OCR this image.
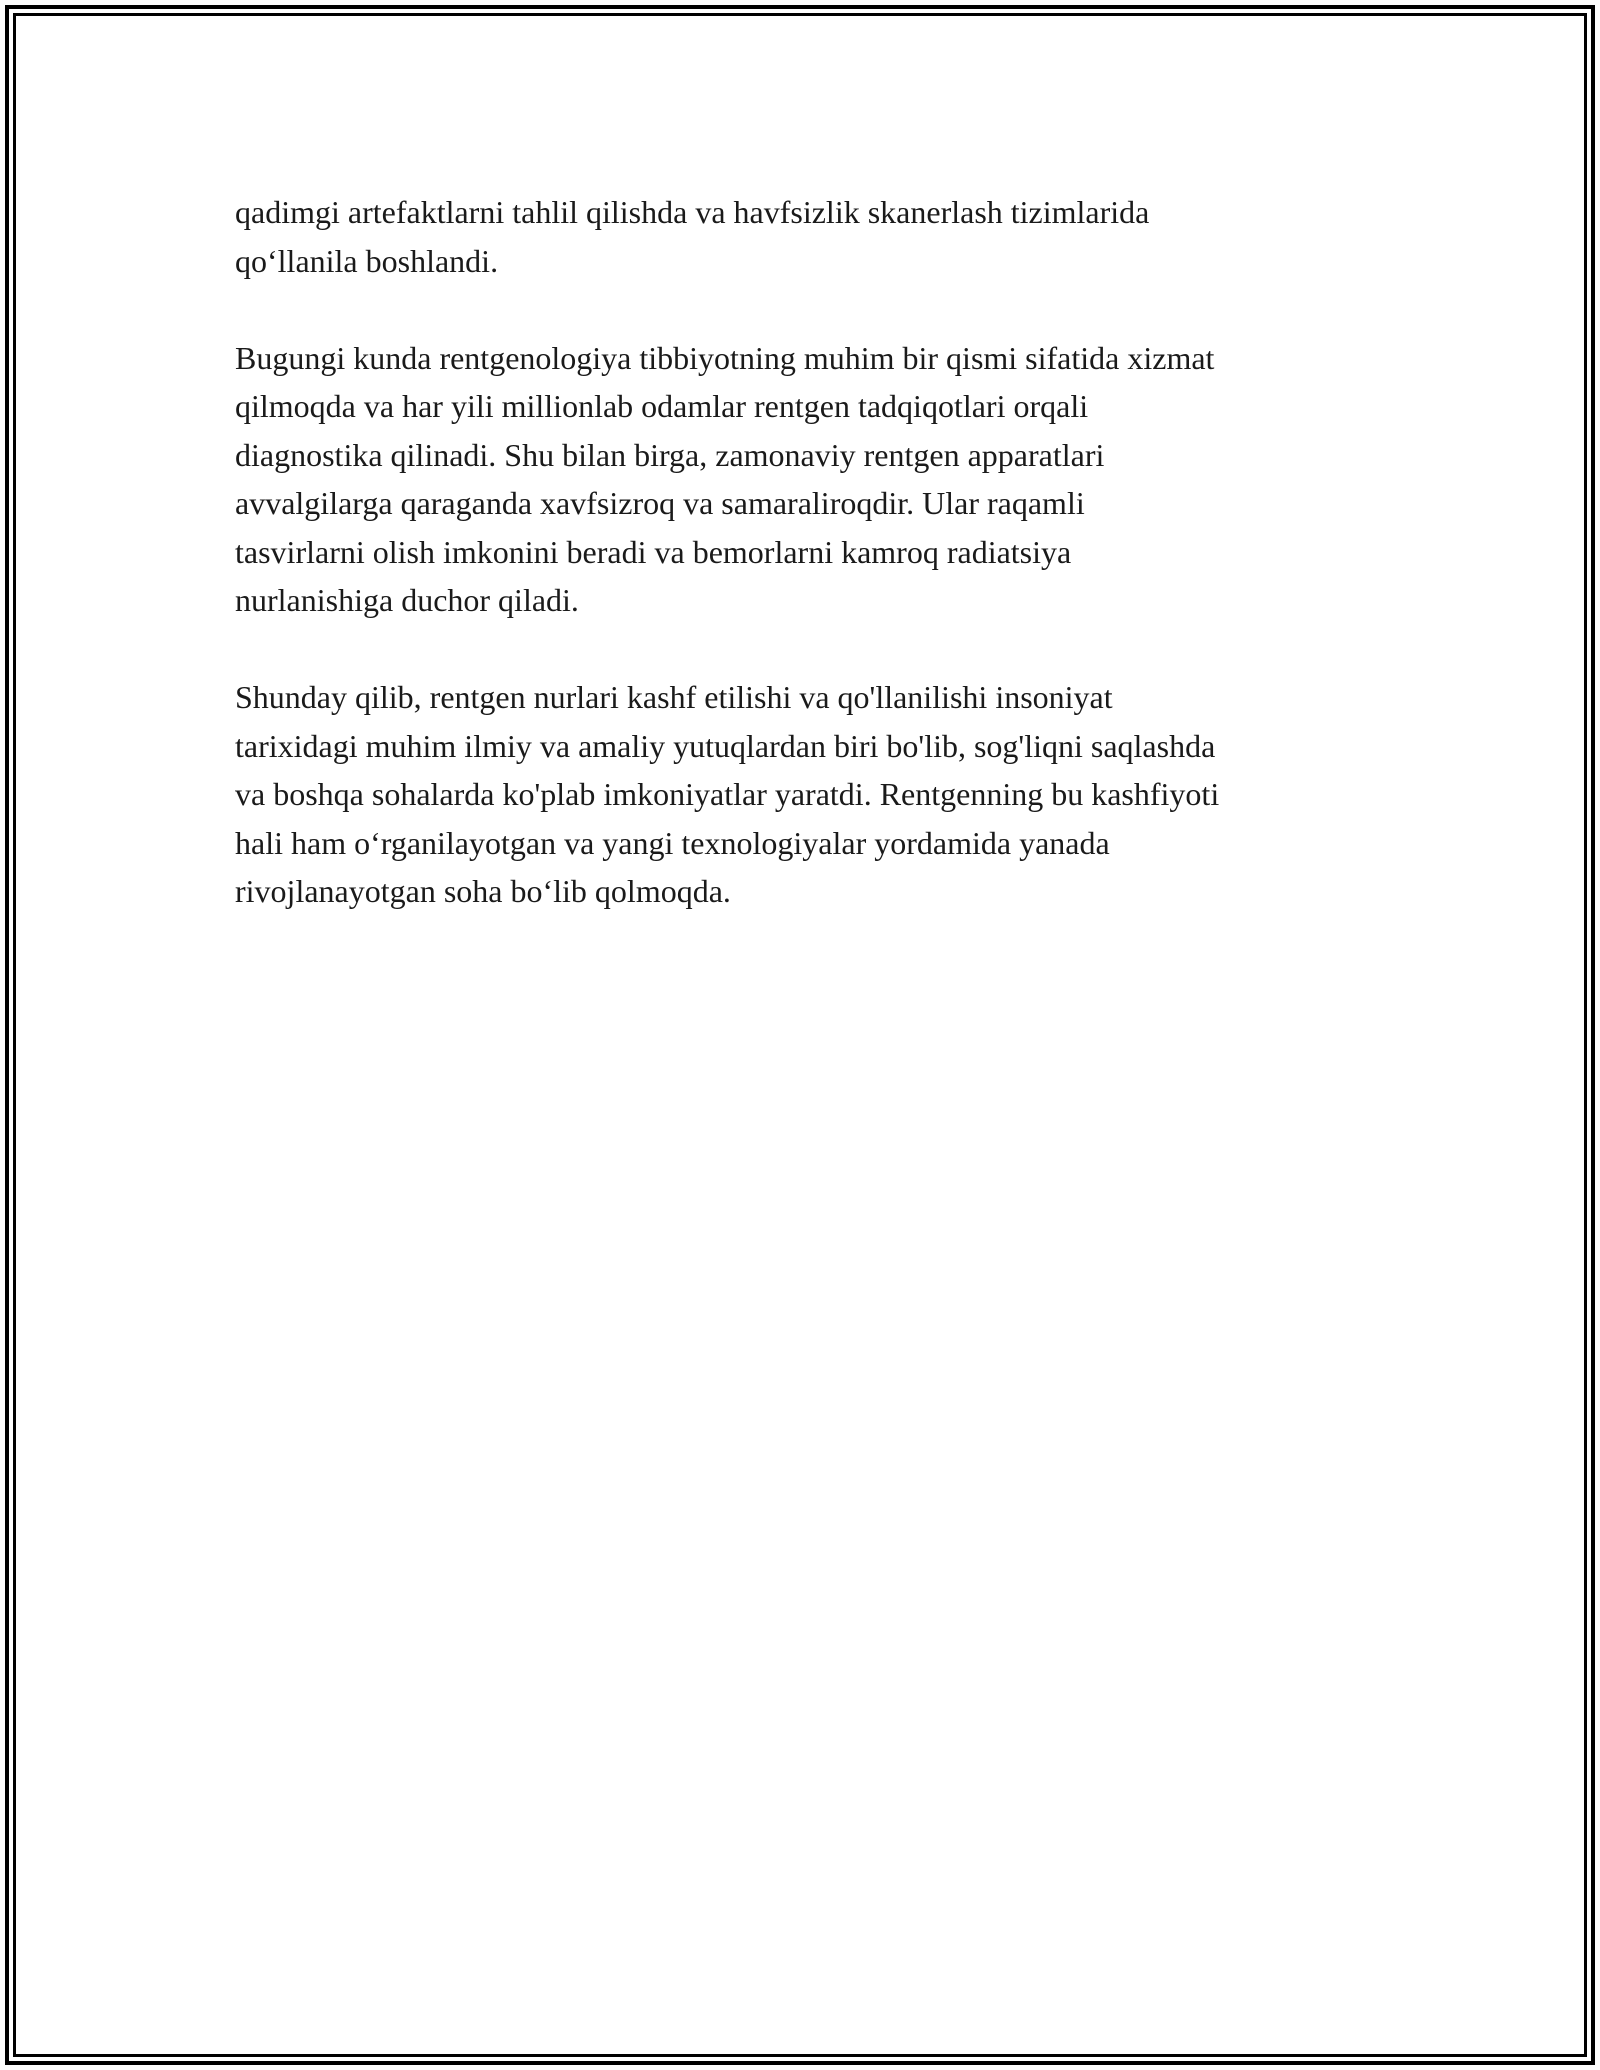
qadimgi artefaktlarni tahlil qilishda va havfsizlik skanerlash tizimlarida
qo‘llanila boshlandi.

Bugungi kunda rentgenologiya tibbiyotning muhim bir qismi sifatida xizmat
qilmoqda va har yili millionlab odamlar rentgen tadqiqotlari orqali
diagnostika qilinadi. Shu bilan birga, zamonaviy rentgen apparatlari
avvalgilarga qaraganda xavfsizroq va samaraliroqdir. Ular raqamli
tasvirlarni olish imkonini beradi va bemorlarni kamroq radiatsiya
nurlanishiga duchor qiladi.

Shunday qilib, rentgen nurlari kashf etilishi va qo'llanilishi insoniyat
tarixidagi muhim ilmiy va amaliy yutuqlardan biri bo'lib, sog'liqni saqlashda
va boshqa sohalarda ko'plab imkoniyatlar yaratdi. Rentgenning bu kashfiyoti
hali ham o‘rganilayotgan va yangi texnologiyalar yordamida yanada
rivojlanayotgan soha bo‘lib qolmoqda.
